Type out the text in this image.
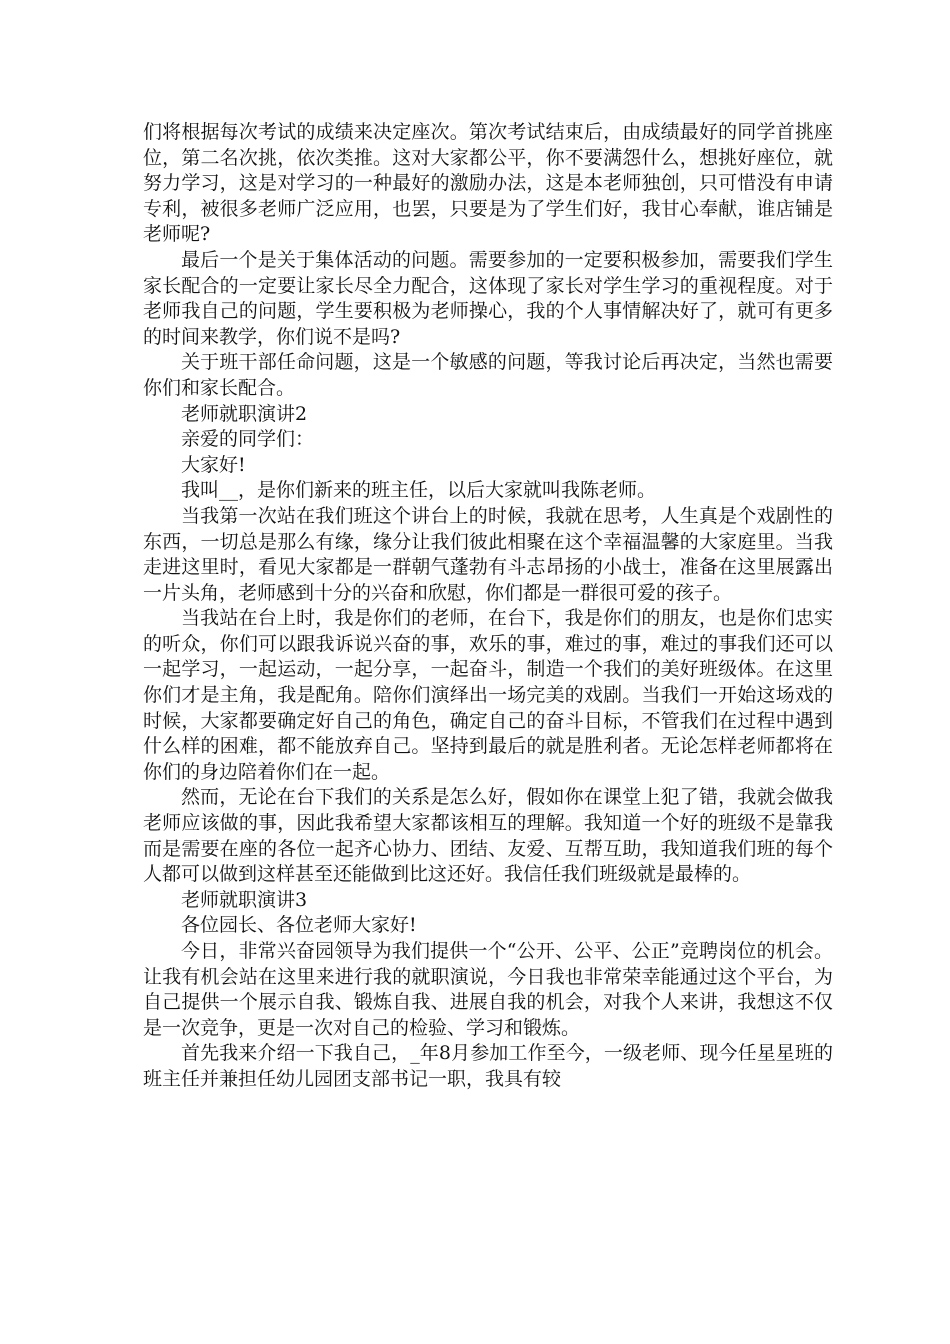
们将根据每次考试的成绩来决定座次。第次考试结束后，由成绩最好的同学首挑座位，第二名次挑，依次类推。这对大家都公平，你不要满怨什么，想挑好座位，就努力学习，这是对学习的一种最好的激励办法，这是本老师独创，只可惜没有申请专利，被很多老师广泛应用，也罢，只要是为了学生们好，我甘心奉献，谁店铺是老师呢?

最后一个是关于集体活动的问题。需要参加的一定要积极参加，需要我们学生家长配合的一定要让家长尽全力配合，这体现了家长对学生学习的重视程度。对于老师我自己的问题，学生要积极为老师操心，我的个人事情解决好了，就可有更多的时间来教学，你们说不是吗?

关于班干部任命问题，这是一个敏感的问题，等我讨论后再决定，当然也需要你们和家长配合。

老师就职演讲2

亲爱的同学们：

大家好!

我叫__，是你们新来的班主任，以后大家就叫我陈老师。

当我第一次站在我们班这个讲台上的时候，我就在思考，人生真是个戏剧性的东西，一切总是那么有缘，缘分让我们彼此相聚在这个幸福温馨的大家庭里。当我走进这里时，看见大家都是一群朝气蓬勃有斗志昂扬的小战士，准备在这里展露出一片头角，老师感到十分的兴奋和欣慰，你们都是一群很可爱的孩子。

当我站在台上时，我是你们的老师，在台下，我是你们的朋友，也是你们忠实的听众，你们可以跟我诉说兴奋的事，欢乐的事，难过的事，难过的事我们还可以一起学习，一起运动，一起分享，一起奋斗，制造一个我们的美好班级体。在这里你们才是主角，我是配角。陪你们演绎出一场完美的戏剧。当我们一开始这场戏的时候，大家都要确定好自己的角色，确定自己的奋斗目标，不管我们在过程中遇到什么样的困难，都不能放弃自己。坚持到最后的就是胜利者。无论怎样老师都将在你们的身边陪着你们在一起。

然而，无论在台下我们的关系是怎么好，假如你在课堂上犯了错，我就会做我老师应该做的事，因此我希望大家都该相互的理解。我知道一个好的班级不是靠我而是需要在座的各位一起齐心协力、团结、友爱、互帮互助，我知道我们班的每个人都可以做到这样甚至还能做到比这还好。我信任我们班级就是最棒的。

老师就职演讲3

各位园长、各位老师大家好!

今日，非常兴奋园领导为我们提供一个“公开、公平、公正”竞聘岗位的机会。让我有机会站在这里来进行我的就职演说，今日我也非常荣幸能通过这个平台，为自己提供一个展示自我、锻炼自我、进展自我的机会，对我个人来讲，我想这不仅是一次竞争，更是一次对自己的检验、学习和锻炼。

首先我来介绍一下我自己，_年8月参加工作至今，一级老师、现今任星星班的班主任并兼担任幼儿园团支部书记一职，我具有较
